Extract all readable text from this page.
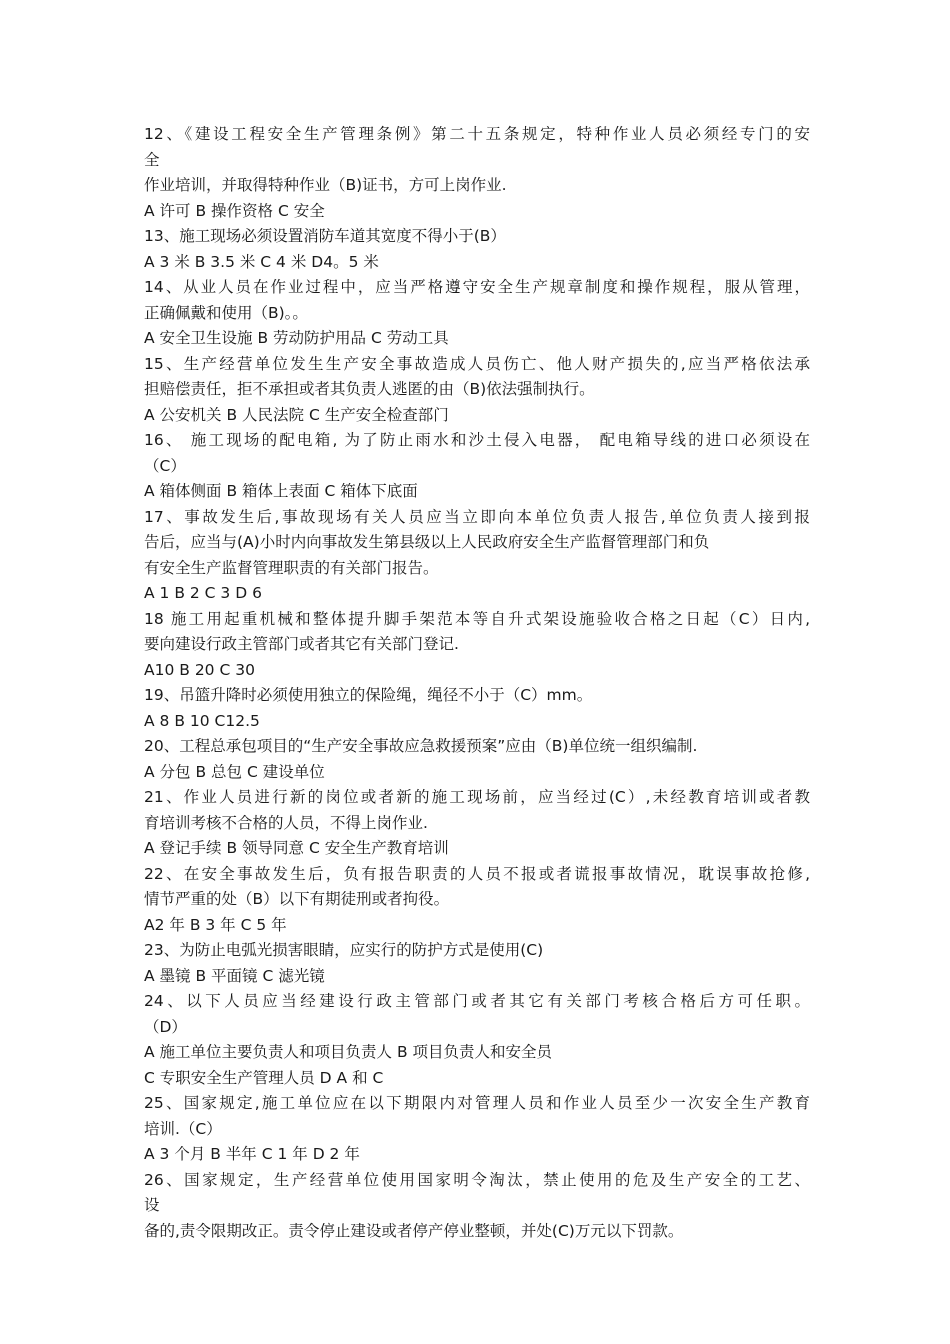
12、《建设工程安全生产管理条例》第二十五条规定，特种作业人员必须经专门的安
全
作业培训，并取得特种作业（B)证书，方可上岗作业.
A 许可 B 操作资格 C 安全
13、施工现场必须设置消防车道其宽度不得小于(B）
A 3 米 B 3.5 米 C 4 米 D4。5 米
14、从业人员在作业过程中，应当严格遵守安全生产规章制度和操作规程，服从管理，
正确佩戴和使用（B)。。
A 安全卫生设施 B 劳动防护用品 C 劳动工具
15、生产经营单位发生生产安全事故造成人员伤亡、他人财产损失的,应当严格依法承
担赔偿责任，拒不承担或者其负责人逃匿的由（B)依法强制执行。
A 公安机关 B 人民法院 C 生产安全检查部门
16、 施工现场的配电箱, 为了防止雨水和沙土侵入电器， 配电箱导线的进口必须设在
（C）
A 箱体侧面 B 箱体上表面 C 箱体下底面
17、事故发生后,事故现场有关人员应当立即向本单位负责人报告,单位负责人接到报
告后，应当与(A)小时内向事故发生第县级以上人民政府安全生产监督管理部门和负
有安全生产监督管理职责的有关部门报告。
A 1 B 2 C 3 D 6
18 施工用起重机械和整体提升脚手架范本等自升式架设施验收合格之日起（C）日内,
要向建设行政主管部门或者其它有关部门登记.
A10 B 20 C 30
19、吊篮升降时必须使用独立的保险绳，绳径不小于（C）mm。
A 8 B 10 C12.5
20、工程总承包项目的“生产安全事故应急救援预案”应由（B)单位统一组织编制.
A 分包 B 总包 C 建设单位
21、作业人员进行新的岗位或者新的施工现场前，应当经过(C）,未经教育培训或者教
育培训考核不合格的人员，不得上岗作业.
A 登记手续 B 领导同意 C 安全生产教育培训
22、在安全事故发生后，负有报告职责的人员不报或者谎报事故情况，耽误事故抢修,
情节严重的处（B）以下有期徒刑或者拘役。
A2 年 B 3 年 C 5 年
23、为防止电弧光损害眼睛，应实行的防护方式是使用(C)
A 墨镜 B 平面镜 C 滤光镜
24、以下人员应当经建设行政主管部门或者其它有关部门考核合格后方可任职。
（D）
A 施工单位主要负责人和项目负责人 B 项目负责人和安全员
C 专职安全生产管理人员 D A 和 C
25、国家规定,施工单位应在以下期限内对管理人员和作业人员至少一次安全生产教育
培训.（C）
A 3 个月 B 半年 C 1 年 D 2 年
26、国家规定，生产经营单位使用国家明令淘汰，禁止使用的危及生产安全的工艺、
设
备的,责令限期改正。责令停止建设或者停产停业整顿，并处(C)万元以下罚款。
